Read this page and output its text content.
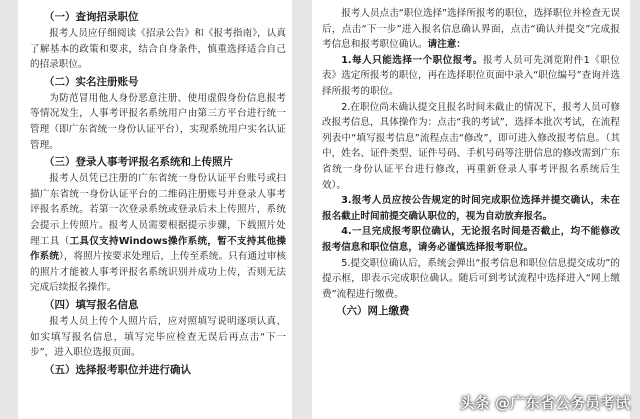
（一）查询招录职位
报考人员应仔细阅读《招录公告》和《报考指南》，认真了解基本的政策和要求，结合自身条件，慎重选择适合自己的招录职位。
（二）实名注册账号
为防范冒用他人身份恶意注册、使用虚假身份信息报考等情况发生，人事考评报名系统用户由第三方平台进行统一管理（即广东省统一身份认证平台），实现系统用户实名认证管理。
（三）登录人事考评报名系统和上传照片
报考人员凭已注册的广东省统一身份认证平台账号或扫描广东省统一身份认证平台的二维码注册账号并登录人事考评报名系统。若第一次登录系统或登录后未上传照片，系统会提示上传照片。报考人员需要根据提示步骤，下载照片处理工具（工具仅支持Windows操作系统，暂不支持其他操作系统），将照片按要求处理后，上传至系统。只有通过审核的照片才能被人事考评报名系统识别并成功上传，否则无法完成后续报名操作。
（四）填写报名信息
报考人员上传个人照片后，应对照填写说明逐项认真、如实填写报名信息，填写完毕应检查无误后再点击“下一步”，进入职位选报页面。
（五）选择报考职位并进行确认
报考人员点击“职位选择”选择所报考的职位，选择职位并检查无误后，点击“下一步”进入报名信息确认界面，点击“确认并提交”完成报考信息和报考职位确认。请注意：
1.每人只能选择一个职位报考。报考人员可先浏览附件1《职位表》选定所报考的职位，再在选择职位页面中录入“职位编号”查询并选择所报考的职位。
2.在职位尚未确认提交且报名时间未截止的情况下，报考人员可修改报考信息，具体操作为：点击“我的考试”，选择本批次考试，在流程列表中“填写报考信息”流程点击“修改”，即可进入修改报考信息。（其中，姓名、证件类型、证件号码、手机号码等注册信息的修改需到广东省统一身份认证平台进行修改，再重新登录人事考评报名系统后生效）。
3.报考人员应按公告规定的时间完成职位选择并提交确认，未在报名截止时间前提交确认职位的，视为自动放弃报名。
4.一旦完成报考职位确认，无论报名时间是否截止，均不能修改报考信息和职位信息，请务必谨慎选择报考职位。
5.提交职位确认后，系统会弹出“报考信息和职位信息提交成功”的提示框，即表示完成职位确认。随后可到考试流程中选择进入“网上缴费”流程进行缴费。
（六）网上缴费
头条 @广东省公务员考试
